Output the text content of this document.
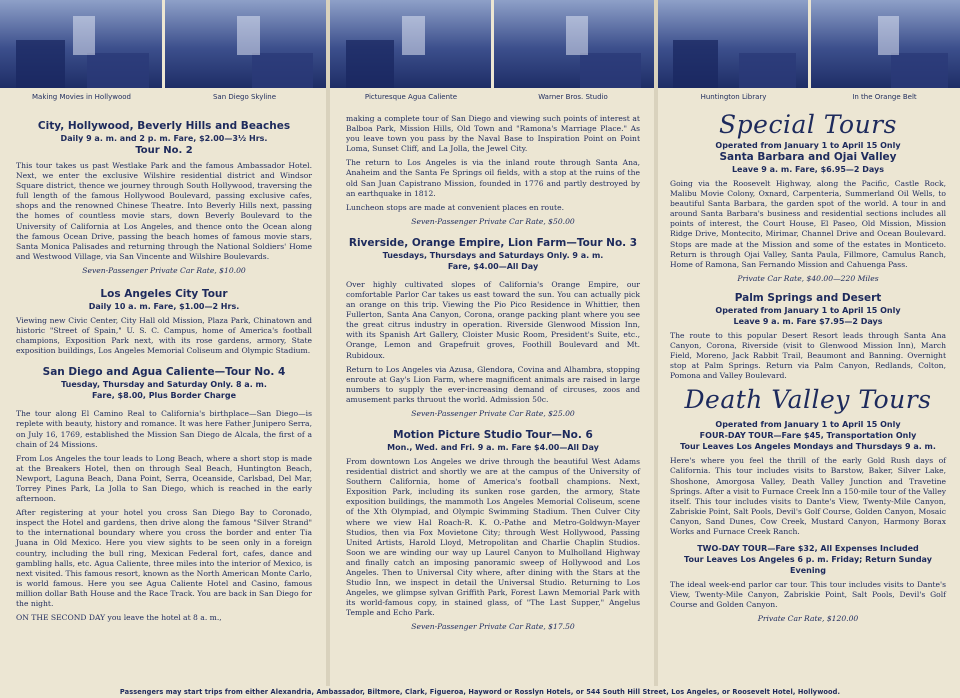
Making Movies in Hollywood	San Diego Skyline
City, Hollywood, Beverly Hills and Beaches
Daily 9 a. m. and 2 p. m. Fare, $2.00—3½ Hrs.
Tour No. 2

This tour takes us past Westlake Park and the famous Ambassador Hotel. Next, we enter the exclusive Wilshire residential district and Windsor Square district, thence we journey through South Hollywood, traversing the full length of the famous Hollywood Boulevard, passing exclusive cafes, shops and the renowned Chinese Theatre. Into Beverly Hills next, passing the homes of countless movie stars, down Beverly Boulevard to the University of California at Los Angeles, and thence onto the Ocean along the famous Ocean Drive, passing the beach homes of famous movie stars, Santa Monica Palisades and returning through the National Soldiers' Home and Westwood Village, via San Vincente and Wilshire Boulevards.

Seven-Passenger Private Car Rate, $10.00
Los Angeles City Tour
Daily 10 a. m. Fare, $1.00—2 Hrs.

Viewing new Civic Center, City Hall old Mission, Plaza Park, Chinatown and historic "Street of Spain," U. S. C. Campus, home of America's football champions, Exposition Park next, with its rose gardens, armory, State exposition buildings, Los Angeles Memorial Coliseum and Olympic Stadium.

San Diego and Agua Caliente—Tour No. 4
Tuesday, Thursday and Saturday Only. 8 a. m.
Fare, $8.00, Plus Border Charge

The tour along El Camino Real to California's birthplace—San Diego—is replete with beauty, history and romance. It was here Father Junipero Serra, on July 16, 1769, established the Mission San Diego de Alcala, the first of a chain of 24 Missions.

From Los Angeles the tour leads to Long Beach, where a short stop is made at the Breakers Hotel, then on through Seal Beach, Huntington Beach, Newport, Laguna Beach, Dana Point, Serra, Oceanside, Carlsbad, Del Mar, Torrey Pines Park, La Jolla to San Diego, which is reached in the early afternoon.

After registering at your hotel you cross San Diego Bay to Coronado, inspect the Hotel and gardens, then drive along the famous "Silver Strand" to the international boundary where you cross the border and enter Tia Juana in Old Mexico. Here you view sights to be seen only in a foreign country, including the bull ring, Mexican Federal fort, cafes, dance and gambling halls, etc. Agua Caliente, three miles into the interior of Mexico, is next visited. This famous resort, known as the North American Monte Carlo, is world famous. Here you see Agua Caliente Hotel and Casino, famous million dollar Bath House and the Race Track. You are back in San Diego for the night.

ON THE SECOND DAY you leave the hotel at 8 a. m.,

Picturesque Agua Caliente	Warner Bros. Studio

making a complete tour of San Diego and viewing such points of interest at Balboa Park, Mission Hills, Old Town and "Ramona's Marriage Place." As you leave town you pass by the Naval Base to Inspiration Point on Point Loma, Sunset Cliff, and La Jolla, the Jewel City.

The return to Los Angeles is via the inland route through Santa Ana, Anaheim and the Santa Fe Springs oil fields, with a stop at the ruins of the old San Juan Capistrano Mission, founded in 1776 and partly destroyed by an earthquake in 1812.

Luncheon stops are made at convenient places en route.

Seven-Passenger Private Car Rate, $50.00
Riverside, Orange Empire, Lion Farm—Tour No. 3
Tuesdays, Thursdays and Saturdays Only. 9 a. m.
Fare, $4.00—All Day

Over highly cultivated slopes of California's Orange Empire, our comfortable Parlor Car takes us east toward the sun. You can actually pick an orange on this trip. Viewing the Pio Pico Residence in Whittier, then Fullerton, Santa Ana Canyon, Corona, orange packing plant where you see the great citrus industry in operation. Riverside Glenwood Mission Inn, with its Spanish Art Gallery, Cloister Music Room, President's Suite, etc., Orange, Lemon and Grapefruit groves, Foothill Boulevard and Mt. Rubidoux.

Return to Los Angeles via Azusa, Glendora, Covina and Alhambra, stopping enroute at Gay's Lion Farm, where magnificent animals are raised in large numbers to supply the ever-increasing demand of circuses, zoos and amusement parks thruout the world. Admission 50c.

Seven-Passenger Private Car Rate, $25.00
Motion Picture Studio Tour—No. 6
Mon., Wed. and Fri. 9 a. m. Fare $4.00—All Day

From downtown Los Angeles we drive through the beautiful West Adams residential district and shortly we are at the campus of the University of Southern California, home of America's football champions. Next, Exposition Park, including its sunken rose garden, the armory, State exposition buildings, the mammoth Los Angeles Memorial Coliseum, scene of the Xth Olympiad, and Olympic Swimming Stadium. Then Culver City where we view Hal Roach-R. K. O.-Pathe and Metro-Goldwyn-Mayer Studios, then via Fox Movietone City; through West Hollywood, Passing United Artists, Harold Lloyd, Metropolitan and Charlie Chaplin Studios. Soon we are winding our way up Laurel Canyon to Mulholland Highway and finally catch an imposing panoramic sweep of Hollywood and Los Angeles. Then to Universal City where, after dining with the Stars at the Studio Inn, we inspect in detail the Universal Studio. Returning to Los Angeles, we glimpse sylvan Griffith Park, Forest Lawn Memorial Park with its world-famous copy, in stained glass, of "The Last Supper," Angelus Temple and Echo Park.

Seven-Passenger Private Car Rate, $17.50
Huntington Library	In the Orange Belt
Special Tours
Operated from January 1 to April 15 Only
Santa Barbara and Ojai Valley
Leave 9 a. m. Fare, $6.95—2 Days

Going via the Roosevelt Highway, along the Pacific, Castle Rock, Malibu Movie Colony, Oxnard, Carpenteria, Summerland Oil Wells, to beautiful Santa Barbara, the garden spot of the world. A tour in and around Santa Barbara's business and residential sections includes all points of interest, the Court House, El Paseo, Old Mission, Mission Ridge Drive, Montecito, Mirimar, Channel Drive and Ocean Boulevard. Stops are made at the Mission and some of the estates in Monticeto. Return is through Ojai Valley, Santa Paula, Fillmore, Camulus Ranch, Home of Ramona, San Fernando Mission and Cahuenga Pass.

Private Car Rate, $40.00—220 Miles
Palm Springs and Desert
Operated from January 1 to April 15 Only
Leave 9 a. m. Fare $7.95—2 Days

The route to this popular Desert Resort leads through Santa Ana Canyon, Corona, Riverside (visit to Glenwood Mission Inn), March Field, Moreno, Jack Rabbit Trail, Beaumont and Banning. Overnight stop at Palm Springs. Return via Palm Canyon, Redlands, Colton, Pomona and Valley Boulevard.

Death Valley Tours
Operated from January 1 to April 15 Only
FOUR-DAY TOUR—Fare $45, Transportation Only
Tour Leaves Los Angeles Mondays and Thursdays 9 a. m.

Here's where you feel the thrill of the early Gold Rush days of California. This tour includes visits to Barstow, Baker, Silver Lake, Shoshone, Amorgosa Valley, Death Valley Junction and Travetine Springs. After a visit to Furnace Creek Inn a 150-mile tour of the Valley itself. This tour includes visits to Dante's View, Twenty-Mile Canyon, Zabriskie Point, Salt Pools, Devil's Golf Course, Golden Canyon, Mosaic Canyon, Sand Dunes, Cow Creek, Mustard Canyon, Harmony Borax Works and Furnace Creek Ranch.

TWO-DAY TOUR—Fare $32, All Expenses Included
Tour Leaves Los Angeles 6 p. m. Friday; Return Sunday Evening

The ideal week-end parlor car tour. This tour includes visits to Dante's View, Twenty-Mile Canyon, Zabriskie Point, Salt Pools, Devil's Golf Course and Golden Canyon.

Private Car Rate, $120.00
Passengers may start trips from either Alexandria, Ambassador, Biltmore, Clark, Figueroa, Hayword or Rosslyn Hotels, or 544 South Hill Street, Los Angeles, or Roosevelt Hotel, Hollywood.
